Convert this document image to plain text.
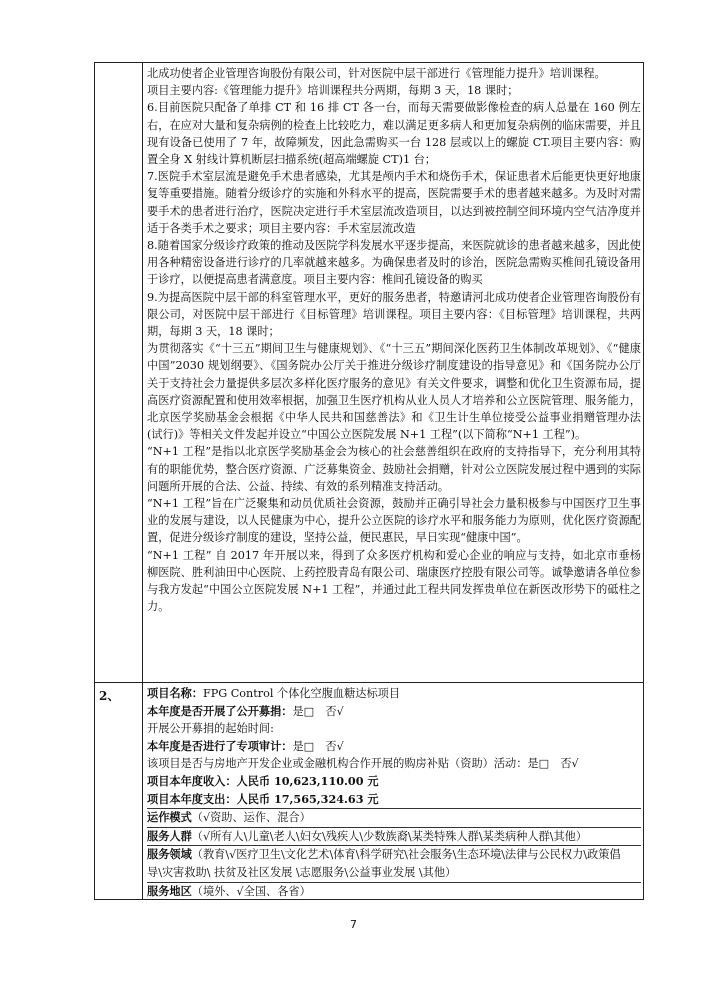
北成功使者企业管理咨询股份有限公司，针对医院中层干部进行《管理能力提升》培训课程。

项目主要内容:《管理能力提升》培训课程共分两期，每期 3 天，18 课时；

6.目前医院只配备了单排 CT 和 16 排 CT 各一台，而每天需要做影像检查的病人总量在 160 例左右，在应对大量和复杂病例的检查上比较吃力，难以满足更多病人和更加复杂病例的临床需要，并且现有设备已使用了 7 年，故障频发，因此急需购买一台 128 层或以上的螺旋 CT.项目主要内容：购置全身 X 射线计算机断层扫描系统(超高端螺旋 CT)1 台；

7.医院手术室层流是避免手术患者感染，尤其是颅内手术和烧伤手术，保证患者术后能更快更好地康复等重要措施。随着分级诊疗的实施和外科水平的提高，医院需要手术的患者越来越多。为及时对需要手术的患者进行治疗，医院决定进行手术室层流改造项目，以达到被控制空间环境内空气洁净度并适于各类手术之要求；项目主要内容：手术室层流改造

8.随着国家分级诊疗政策的推动及医院学科发展水平逐步提高，来医院就诊的患者越来越多，因此使用各种精密设备进行诊疗的几率就越来越多。为确保患者及时的诊治，医院急需购买椎间孔镜设备用于诊疗，以便提高患者满意度。项目主要内容：椎间孔镜设备的购买

9.为提高医院中层干部的科室管理水平，更好的服务患者，特邀请河北成功使者企业管理咨询股份有限公司，对医院中层干部进行《目标管理》培训课程。项目主要内容：《目标管理》培训课程，共两期，每期 3 天，18 课时；

为贯彻落实《“十三五”期间卫生与健康规划》、《“十三五”期间深化医药卫生体制改革规划》、《“健康中国”2030 规划纲要》、《国务院办公厅关于推进分级诊疗制度建设的指导意见》和《国务院办公厅关于支持社会力量提供多层次多样化医疗服务的意见》有关文件要求，调整和优化卫生资源布局，提高医疗资源配置和使用效率根据，加强卫生医疗机构从业人员人才培养和公立医院管理、服务能力，北京医学奖励基金会根据《中华人民共和国慈善法》和《卫生计生单位接受公益事业捐赠管理办法(试行)》等相关文件发起并设立“中国公立医院发展 N+1 工程”(以下简称“N+1 工程”)。

“N+1 工程”是指以北京医学奖励基金会为核心的社会慈善组织在政府的支持指导下，充分利用其特有的职能优势，整合医疗资源、广泛募集资金、鼓励社会捐赠，针对公立医院发展过程中遇到的实际问题所开展的合法、公益、持续、有效的系列精准支持活动。

“N+1 工程”旨在广泛聚集和动员优质社会资源，鼓励并正确引导社会力量积极参与中国医疗卫生事业的发展与建设，以人民健康为中心，提升公立医院的诊疗水平和服务能力为原则，优化医疗资源配置，促进分级诊疗制度的建设，坚持公益，便民惠民，早日实现“健康中国”。

“N+1 工程” 自 2017 年开展以来，得到了众多医疗机构和爱心企业的响应与支持，如北京市垂杨柳医院、胜利油田中心医院、上药控股青岛有限公司、瑞康医疗控股有限公司等。诚挚邀请各单位参与我方发起“中国公立医院发展 N+1 工程”，并通过此工程共同发挥贵单位在新医改形势下的砥柱之力。

2、 项目名称：FPG Control 个体化空腹血糖达标项目
本年度是否开展了公开募捐：是□　否√
开展公开募捐的起始时间:
本年度是否进行了专项审计：是□　否√
该项目是否与房地产开发企业或金融机构合作开展的购房补贴（资助）活动：是□　否√
项目本年度收入：人民币 10,623,110.00 元
项目本年度支出：人民币 17,565,324.63 元
运作模式（√资助、运作、混合）
服务人群（√所有人\儿童\老人\妇女\残疾人\少数族裔\某类特殊人群\某类病种人群\其他）
服务领域（教育\√医疗卫生\文化艺术\体育\科学研究\社会服务\生态环境\法律与公民权力\政策倡
导\灾害救助\ 扶贫及社区发展 \志愿服务\公益事业发展 \其他）
服务地区（境外、√全国、各省）
7
